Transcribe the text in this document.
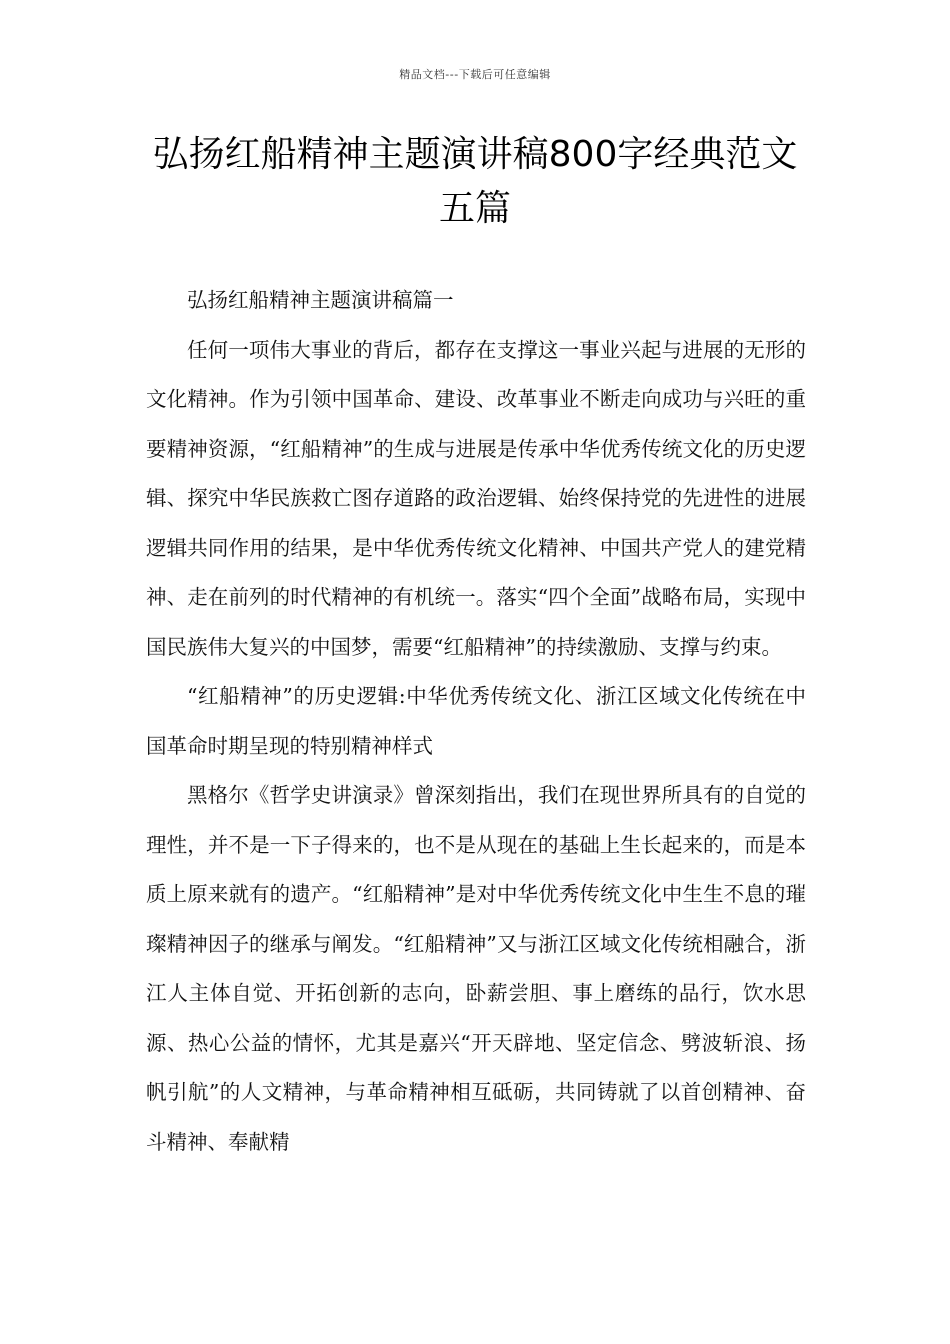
精品文档---下载后可任意编辑
弘扬红船精神主题演讲稿800字经典范文五篇

弘扬红船精神主题演讲稿篇一

任何一项伟大事业的背后，都存在支撑这一事业兴起与进展的无形的文化精神。作为引领中国革命、建设、改革事业不断走向成功与兴旺的重要精神资源，“红船精神”的生成与进展是传承中华优秀传统文化的历史逻辑、探究中华民族救亡图存道路的政治逻辑、始终保持党的先进性的进展逻辑共同作用的结果，是中华优秀传统文化精神、中国共产党人的建党精神、走在前列的时代精神的有机统一。落实“四个全面”战略布局，实现中国民族伟大复兴的中国梦，需要“红船精神”的持续激励、支撑与约束。

“红船精神”的历史逻辑:中华优秀传统文化、浙江区域文化传统在中国革命时期呈现的特别精神样式

黑格尔《哲学史讲演录》曾深刻指出，我们在现世界所具有的自觉的理性，并不是一下子得来的，也不是从现在的基础上生长起来的，而是本质上原来就有的遗产。“红船精神”是对中华优秀传统文化中生生不息的璀璨精神因子的继承与阐发。“红船精神”又与浙江区域文化传统相融合，浙江人主体自觉、开拓创新的志向，卧薪尝胆、事上磨练的品行，饮水思源、热心公益的情怀，尤其是嘉兴“开天辟地、坚定信念、劈波斩浪、扬帆引航”的人文精神，与革命精神相互砥砺，共同铸就了以首创精神、奋斗精神、奉献精
